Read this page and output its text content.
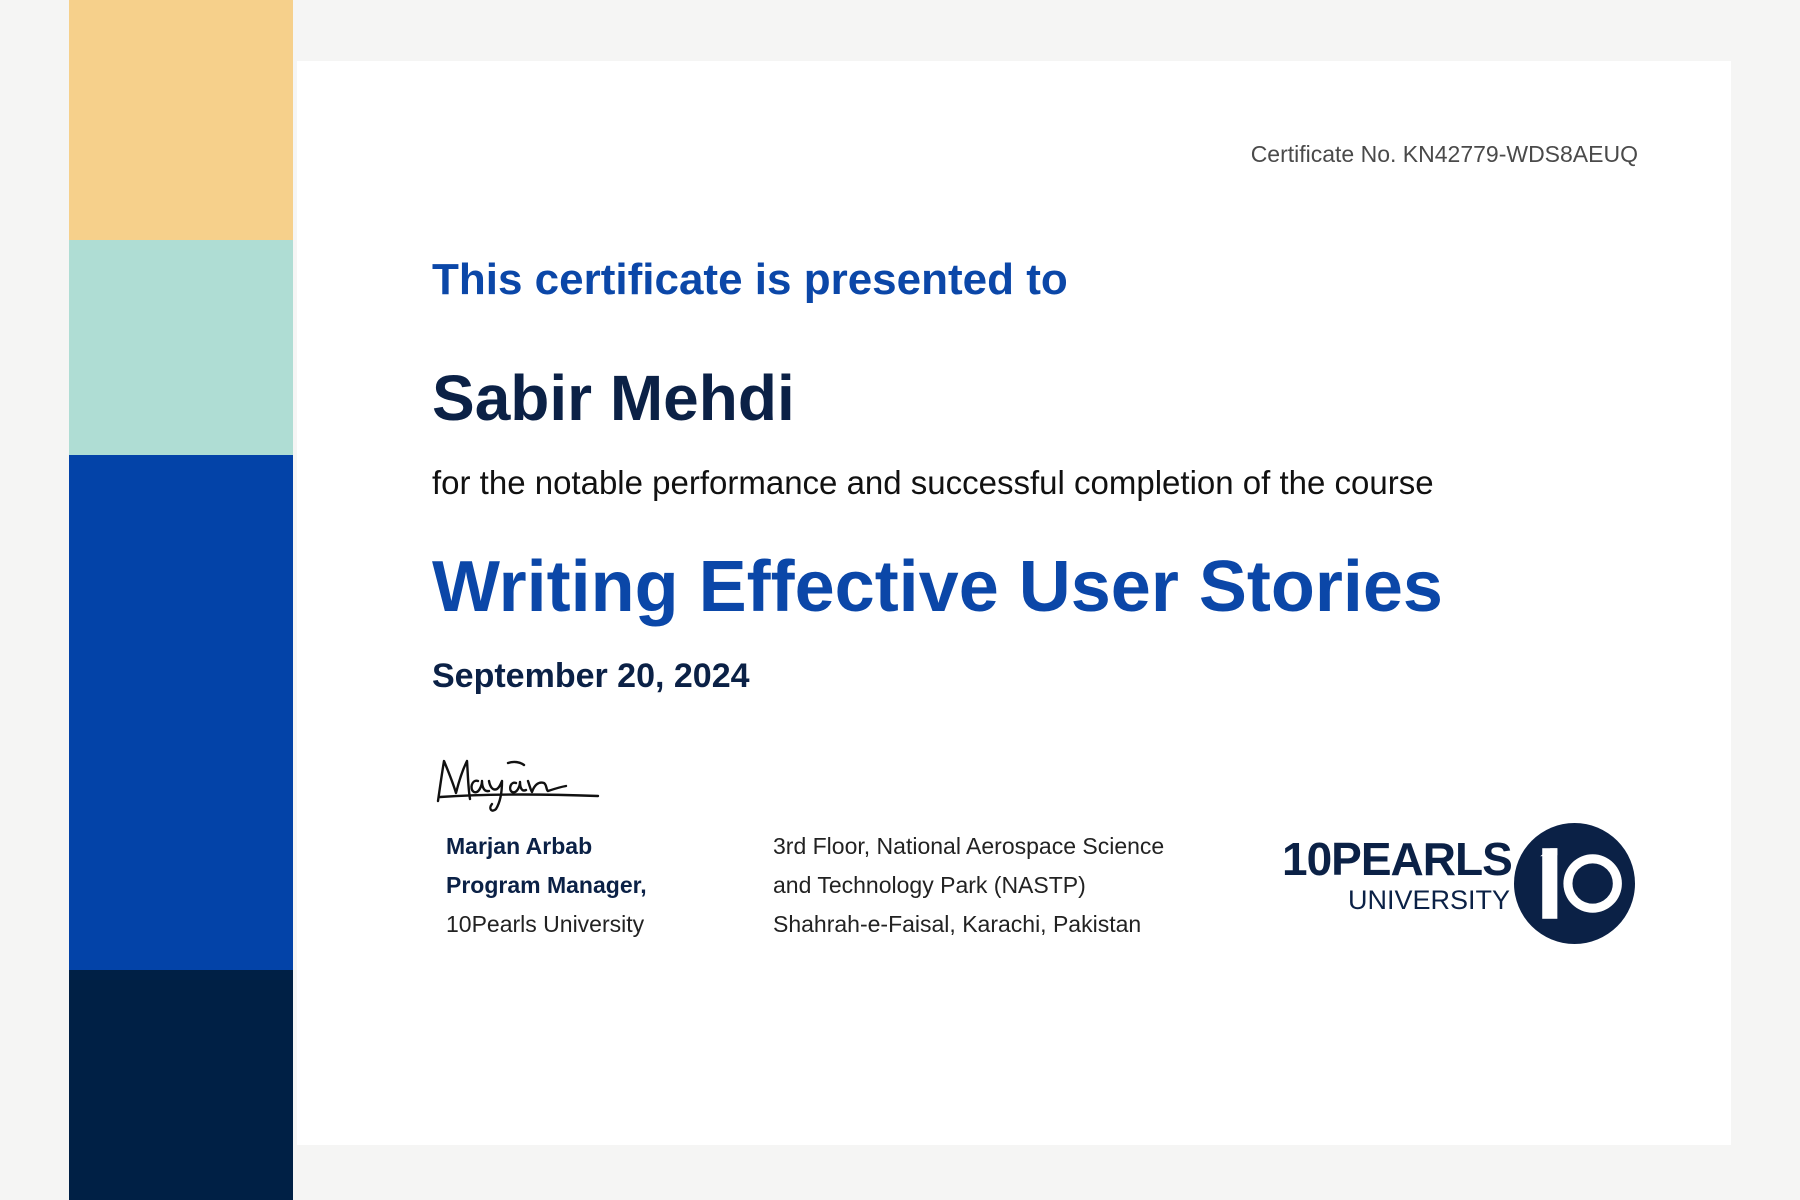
Certificate No. KN42779-WDS8AEUQ
This certificate is presented to
Sabir Mehdi
for the notable performance and successful completion of the course
Writing Effective User Stories
September 20, 2024
Marjan Arbab
Program Manager,
10Pearls University
3rd Floor, National Aerospace Science
and Technology Park (NASTP)
Shahrah-e-Faisal, Karachi, Pakistan
10PEARLS
UNIVERSITY
